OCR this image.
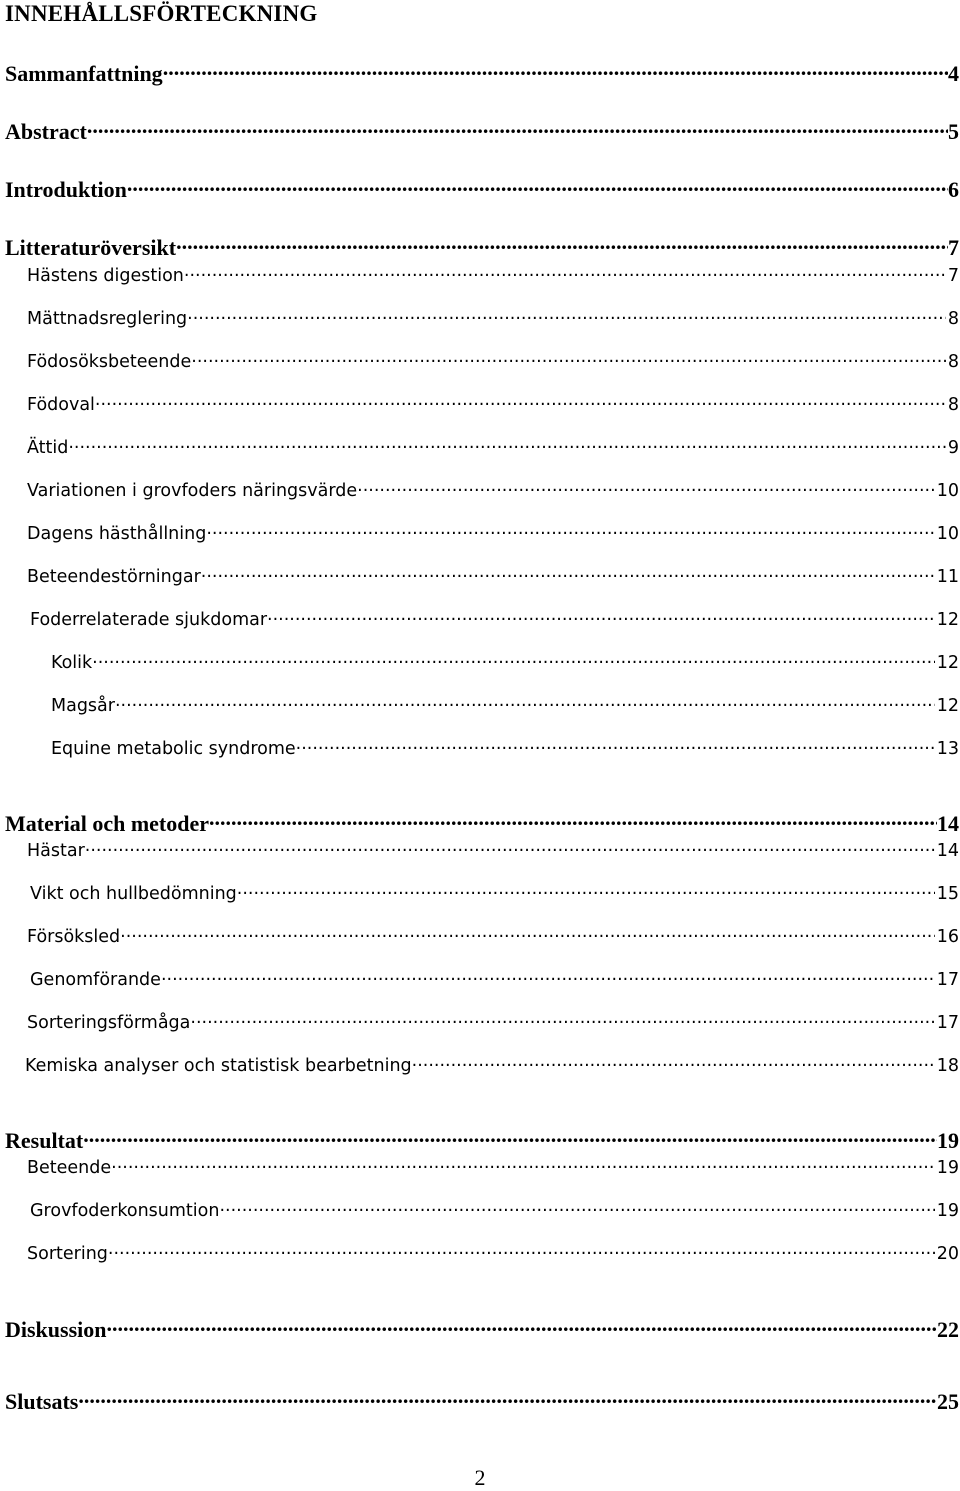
INNEHÅLLSFÖRTECKNING
Sammanfattning .....	4
Abstract .....	5
Introduktion .....	6
Litteraturöversikt .....	7
Hästens digestion .....	7
Mättnadsreglering .....	8
Födosöksbeteende .....	8
Födoval .....	8
Ättid .....	9
Variationen i grovfoders näringsvärde .....	10
Dagens hästhållning .....	10
Beteendestörningar .....	11
Foderrelaterade sjukdomar .....	12
Kolik .....	12
Magsår .....	12
Equine metabolic syndrome .....	13
Material och metoder .....	14
Hästar .....	14
Vikt och hullbedömning .....	15
Försöksled .....	16
Genomförande .....	17
Sorteringsförmåga .....	17
Kemiska analyser och statistisk bearbetning .....	18
Resultat .....	19
Beteende .....	19
Grovfoderkonsumtion .....	19
Sortering .....	20
Diskussion .....	22
Slutsats .....	25
2
